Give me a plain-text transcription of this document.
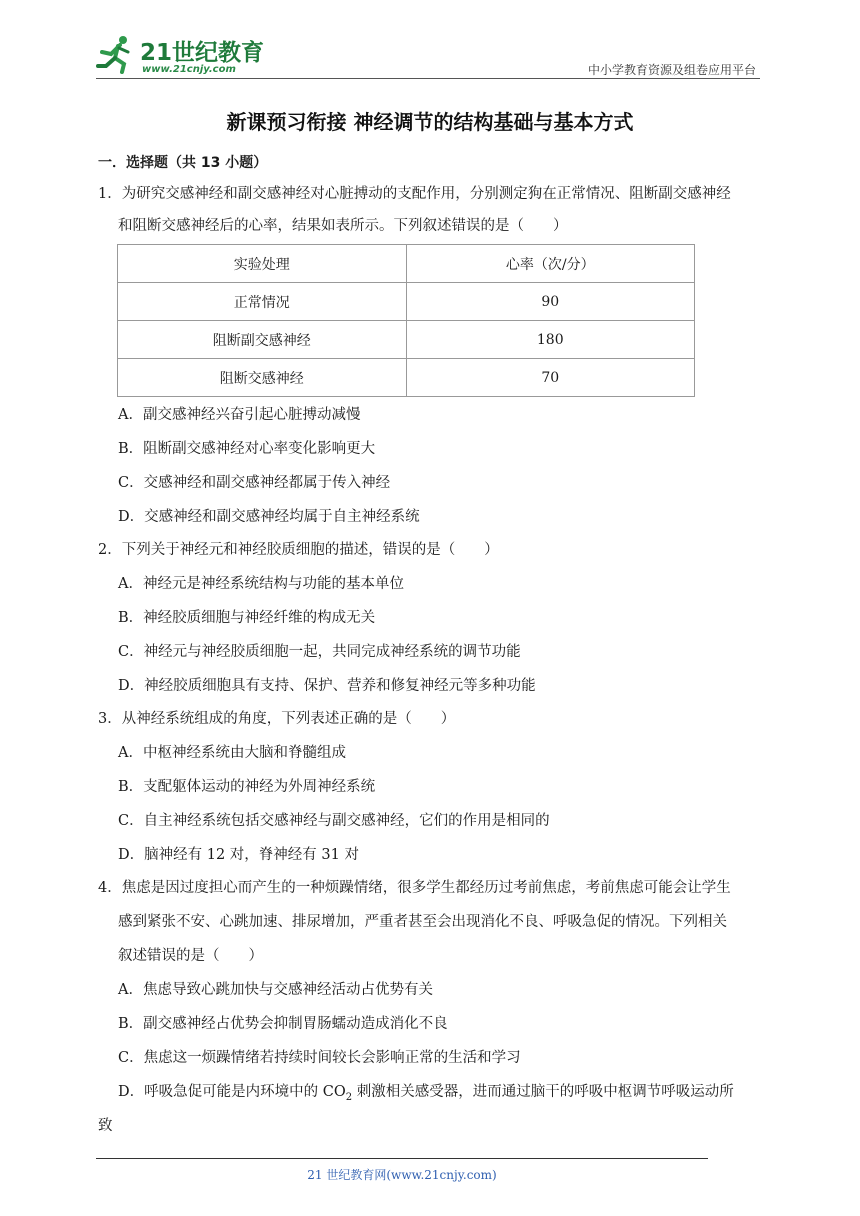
21世纪教育
www.21cnjy.com	中小学教育资源及组卷应用平台
新课预习衔接 神经调节的结构基础与基本方式
一．选择题（共 13 小题）
1．为研究交感神经和副交感神经对心脏搏动的支配作用，分别测定狗在正常情况、阻断副交感神经
和阻断交感神经后的心率，结果如表所示。下列叙述错误的是（　　）
实验处理	心率（次/分）
正常情况	90
阻断副交感神经	180
阻断交感神经	70
A．副交感神经兴奋引起心脏搏动减慢
B．阻断副交感神经对心率变化影响更大
C．交感神经和副交感神经都属于传入神经
D．交感神经和副交感神经均属于自主神经系统
2．下列关于神经元和神经胶质细胞的描述，错误的是（　　）
A．神经元是神经系统结构与功能的基本单位
B．神经胶质细胞与神经纤维的构成无关
C．神经元与神经胶质细胞一起，共同完成神经系统的调节功能
D．神经胶质细胞具有支持、保护、营养和修复神经元等多种功能
3．从神经系统组成的角度，下列表述正确的是（　　）
A．中枢神经系统由大脑和脊髓组成
B．支配躯体运动的神经为外周神经系统
C．自主神经系统包括交感神经与副交感神经，它们的作用是相同的
D．脑神经有 12 对，脊神经有 31 对
4．焦虑是因过度担心而产生的一种烦躁情绪，很多学生都经历过考前焦虑，考前焦虑可能会让学生
感到紧张不安、心跳加速、排尿增加，严重者甚至会出现消化不良、呼吸急促的情况。下列相关
叙述错误的是（　　）
A．焦虑导致心跳加快与交感神经活动占优势有关
B．副交感神经占优势会抑制胃肠蠕动造成消化不良
C．焦虑这一烦躁情绪若持续时间较长会影响正常的生活和学习
D．呼吸急促可能是内环境中的 $CO_2$ 刺激相关感受器，进而通过脑干的呼吸中枢调节呼吸运动所
致
21 世纪教育网(www.21cnjy.com)
